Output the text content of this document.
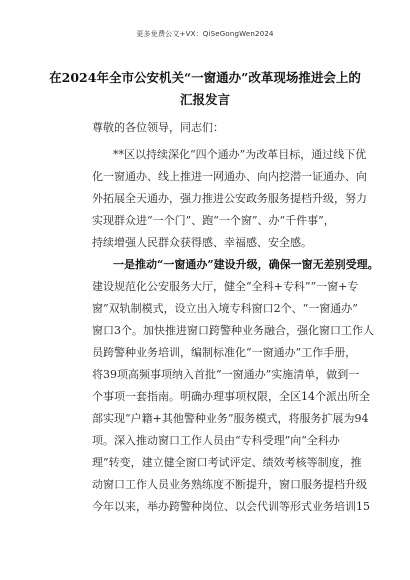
更多免费公文+VX：QiSeGongWen2024
在2024年全市公安机关“一窗通办”改革现场推进会上的
汇报发言
尊敬的各位领导，同志们：
**区以持续深化“四个通办”为改革目标，通过线下优
化一窗通办、线上推进一网通办、向内挖潜一证通办、向
外拓展全天通办，强力推进公安政务服务提档升级，努力
实现群众进“一个门”、跑“一个窗”、办“千件事”，
持续增强人民群众获得感、幸福感、安全感。
一是推动“一窗通办”建设升级，确保一窗无差别受理。
建设规范化公安服务大厅，健全“全科+专科”“一窗+专
窗”双轨制模式，设立出入境专科窗口2个、“一窗通办”
窗口3个。加快推进窗口跨警种业务融合，强化窗口工作人
员跨警种业务培训，编制标准化“一窗通办”工作手册，
将39项高频事项纳入首批“一窗通办”实施清单，做到一
个事项一套指南。明确办理事项权限，全区14个派出所全
部实现“户籍+其他警种业务”服务模式，将服务扩展为94
项。深入推动窗口工作人员由“专科受理”向“全科办
理”转变，建立健全窗口考试评定、绩效考核等制度，推
动窗口工作人员业务熟练度不断提升，窗口服务提档升级
今年以来，举办跨警种岗位、以会代训等形式业务培训15
